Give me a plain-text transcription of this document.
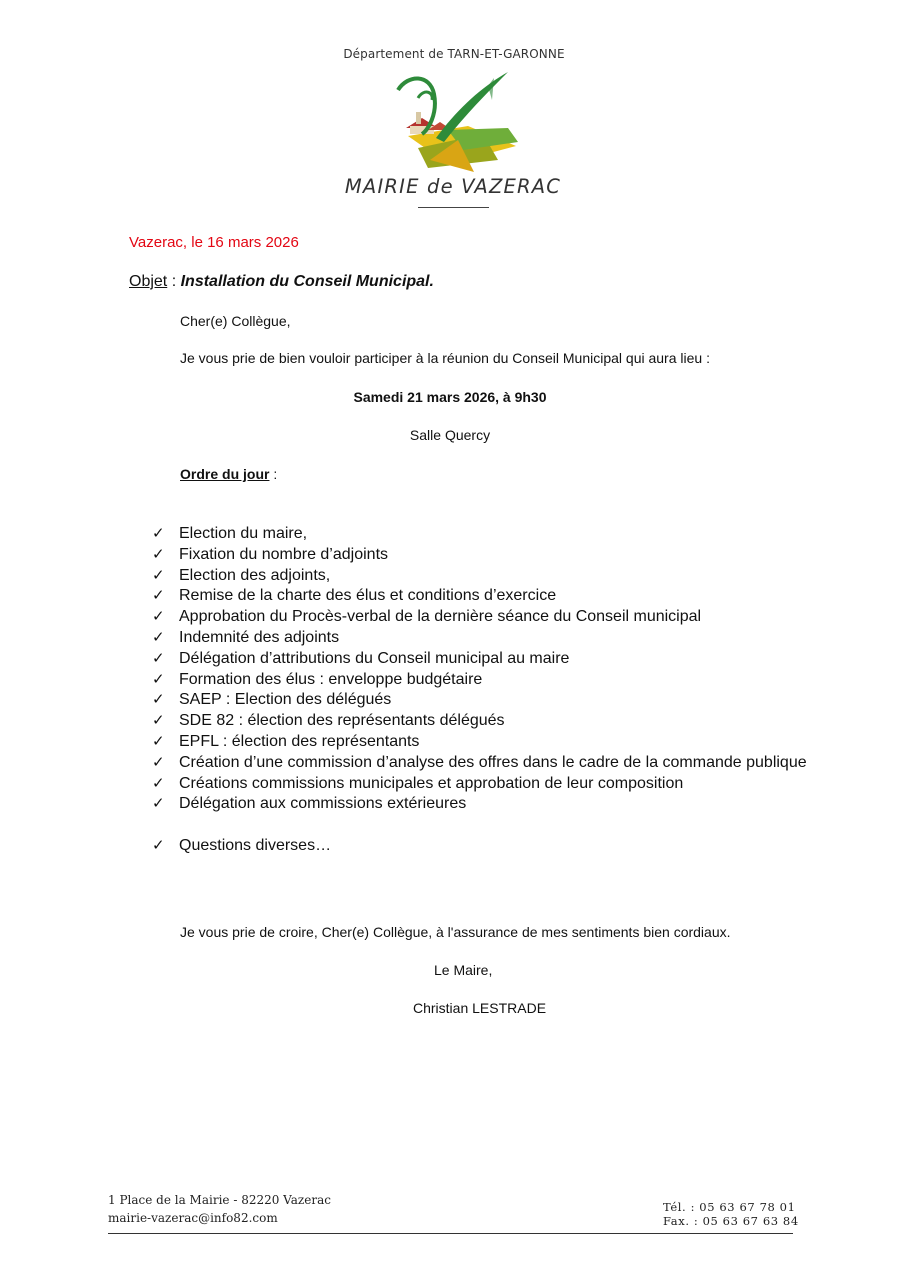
Département de TARN-ET-GARONNE
MAIRIE de VAZERAC
Vazerac, le 16 mars 2026
Objet : Installation du Conseil Municipal.
Cher(e) Collègue,
Je vous prie de bien vouloir participer à la réunion du Conseil Municipal qui aura lieu :
Samedi 21 mars 2026, à 9h30
Salle Quercy
Ordre du jour :
✓ Election du maire,
✓ Fixation du nombre d’adjoints
✓ Election des adjoints,
✓ Remise de la charte des élus et conditions d’exercice
✓ Approbation du Procès-verbal de la dernière séance du Conseil municipal
✓ Indemnité des adjoints
✓ Délégation d’attributions du Conseil municipal au maire
✓ Formation des élus : enveloppe budgétaire
✓ SAEP : Election des délégués
✓ SDE 82 : élection des représentants délégués
✓ EPFL : élection des représentants
✓ Création d’une commission d’analyse des offres dans le cadre de la commande publique
✓ Créations commissions municipales et approbation de leur composition
✓ Délégation aux commissions extérieures
✓ Questions diverses…
Je vous prie de croire, Cher(e) Collègue, à l'assurance de mes sentiments bien cordiaux.
Le Maire,
Christian LESTRADE
1 Place de la Mairie - 82220 Vazerac
mairie-vazerac@info82.com
Tél. : 05 63 67 78 01
Fax. : 05 63 67 63 84
